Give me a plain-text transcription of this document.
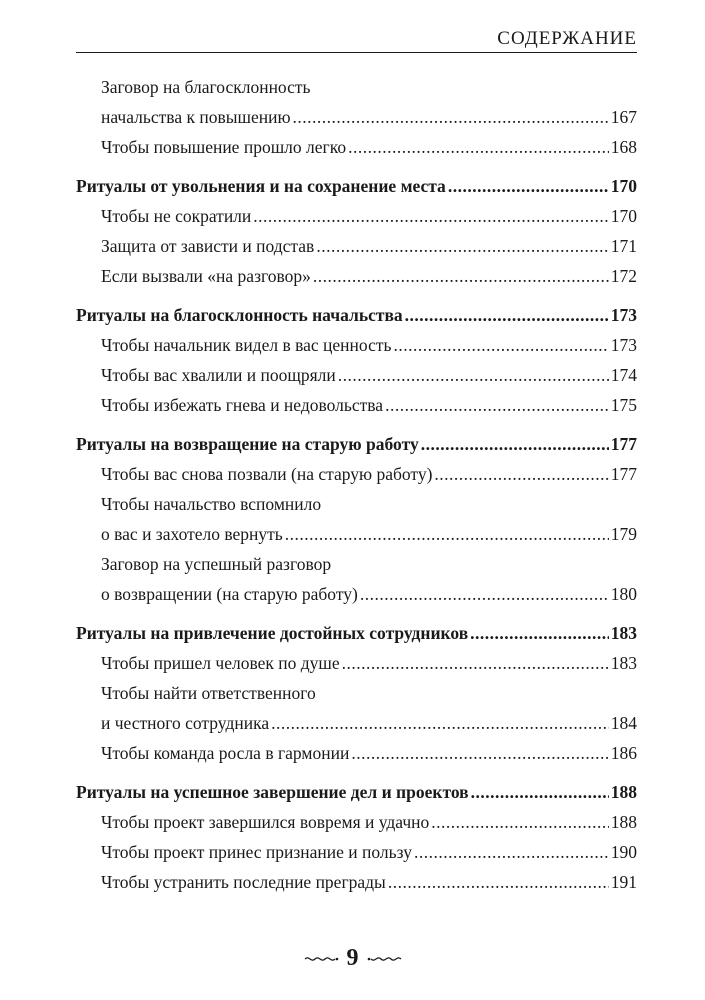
СОДЕРЖАНИЕ
Заговор на благосклонность
начальства к повышению .....	167
Чтобы повышение прошло легко .....	168
Ритуалы от увольнения и на сохранение места .....	170
Чтобы не сократили .....	170
Защита от зависти и подстав .....	171
Если вызвали «на разговор» .....	172
Ритуалы на благосклонность начальства .....	173
Чтобы начальник видел в вас ценность .....	173
Чтобы вас хвалили и поощряли .....	174
Чтобы избежать гнева и недовольства .....	175
Ритуалы на возвращение на старую работу .....	177
Чтобы вас снова позвали (на старую работу) .....	177
Чтобы начальство вспомнило
о вас и захотело вернуть .....	179
Заговор на успешный разговор
о возвращении (на старую работу) .....	180
Ритуалы на привлечение достойных сотрудников .....	183
Чтобы пришел человек по душе .....	183
Чтобы найти ответственного
и честного сотрудника .....	184
Чтобы команда росла в гармонии .....	186
Ритуалы на успешное завершение дел и проектов .....	188
Чтобы проект завершился вовремя и удачно .....	188
Чтобы проект принес признание и пользу .....	190
Чтобы устранить последние преграды .....	191
9
